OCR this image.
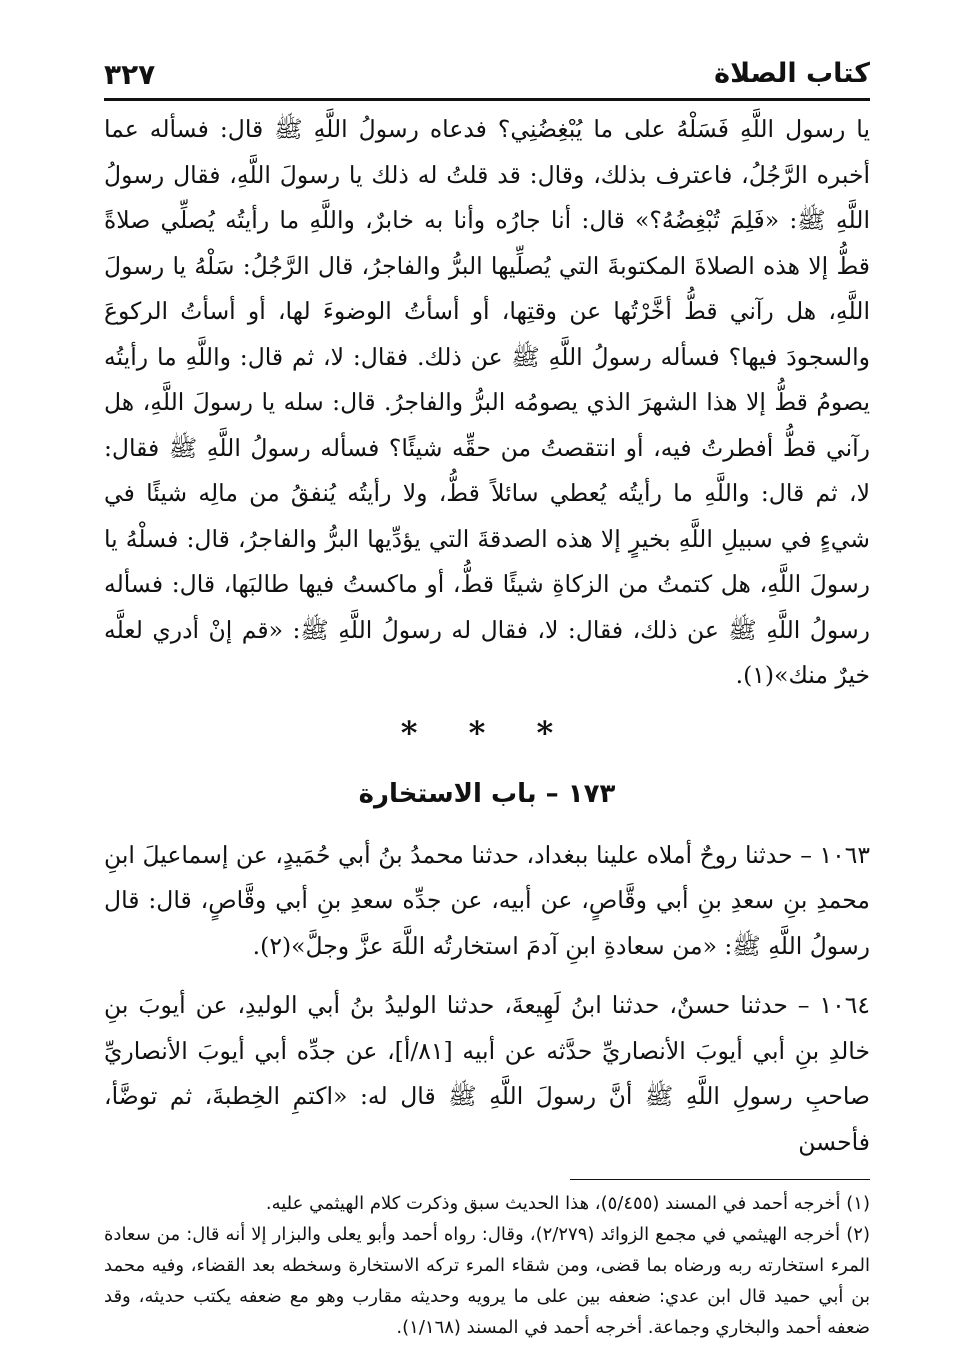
كتاب الصلاة
٣٢٧

يا رسول اللَّهِ فَسَلْهُ على ما يُبْغِضُنِي؟ فدعاه رسولُ اللَّهِ ﷺ قال: فسأله عما أخبره الرَّجُلُ، فاعترف بذلك، وقال: قد قلتُ له ذلك يا رسولَ اللَّهِ، فقال رسولُ اللَّهِ ﷺ: «فَلِمَ تُبْغِضُهُ؟» قال: أنا جارُه وأنا به خابرٌ، واللَّهِ ما رأيتُه يُصلِّي صلاةً قطُّ إلا هذه الصلاةَ المكتوبةَ التي يُصلِّيها البرُّ والفاجرُ، قال الرَّجُلُ: سَلْهُ يا رسولَ اللَّهِ، هل رآني قطُّ أخَّرْتُها عن وقتِها، أو أسأتُ الوضوءَ لها، أو أسأتُ الركوعَ والسجودَ فيها؟ فسأله رسولُ اللَّهِ ﷺ عن ذلك. فقال: لا، ثم قال: واللَّهِ ما رأيتُه يصومُ قطُّ إلا هذا الشهرَ الذي يصومُه البرُّ والفاجرُ. قال: سله يا رسولَ اللَّهِ، هل رآني قطُّ أفطرتُ فيه، أو انتقصتُ من حقِّه شيئًا؟ فسأله رسولُ اللَّهِ ﷺ فقال: لا، ثم قال: واللَّهِ ما رأيتُه يُعطي سائلاً قطُّ، ولا رأيتُه يُنفقُ من مالِه شيئًا في شيءٍ في سبيلِ اللَّهِ بخيرٍ إلا هذه الصدقةَ التي يؤدِّيها البرُّ والفاجرُ، قال: فسلْهُ يا رسولَ اللَّهِ، هل كتمتُ من الزكاةِ شيئًا قطُّ، أو ماكستُ فيها طالبَها، قال: فسأله رسولُ اللَّهِ ﷺ عن ذلك، فقال: لا، فقال له رسولُ اللَّهِ ﷺ: «قم إنْ أدري لعلَّه خيرٌ منك»(١).

* * *
١٧٣ – باب الاستخارة

١٠٦٣ – حدثنا روحٌ أملاه علينا ببغداد، حدثنا محمدُ بنُ أبي حُمَيدٍ، عن إسماعيلَ ابنِ محمدِ بنِ سعدِ بنِ أبي وقَّاصٍ، عن أبيه، عن جدِّه سعدِ بنِ أبي وقَّاصٍ، قال: قال رسولُ اللَّهِ ﷺ: «من سعادةِ ابنِ آدمَ استخارتُه اللَّهَ عزَّ وجلَّ»(٢).

١٠٦٤ – حدثنا حسنٌ، حدثنا ابنُ لَهِيعةَ، حدثنا الوليدُ بنُ أبي الوليدِ، عن أيوبَ بنِ خالدِ بنِ أبي أيوبَ الأنصاريِّ حدَّثه عن أبيه [٨١/أ]، عن جدِّه أبي أيوبَ الأنصاريِّ صاحبِ رسولِ اللَّهِ ﷺ أنَّ رسولَ اللَّهِ ﷺ قال له: «اكتمِ الخِطبةَ، ثم توضَّأ، فأحسن

(١) أخرجه أحمد في المسند (٥/٤٥٥)، هذا الحديث سبق وذكرت كلام الهيثمي عليه.

(٢) أخرجه الهيثمي في مجمع الزوائد (٢/٢٧٩)، وقال: رواه أحمد وأبو يعلى والبزار إلا أنه قال: من سعادة المرء استخارته ربه ورضاه بما قضى، ومن شقاء المرء تركه الاستخارة وسخطه بعد القضاء، وفيه محمد بن أبي حميد قال ابن عدي: ضعفه بين على ما يرويه وحديثه مقارب وهو مع ضعفه يكتب حديثه، وقد ضعفه أحمد والبخاري وجماعة. أخرجه أحمد في المسند (١/١٦٨).
